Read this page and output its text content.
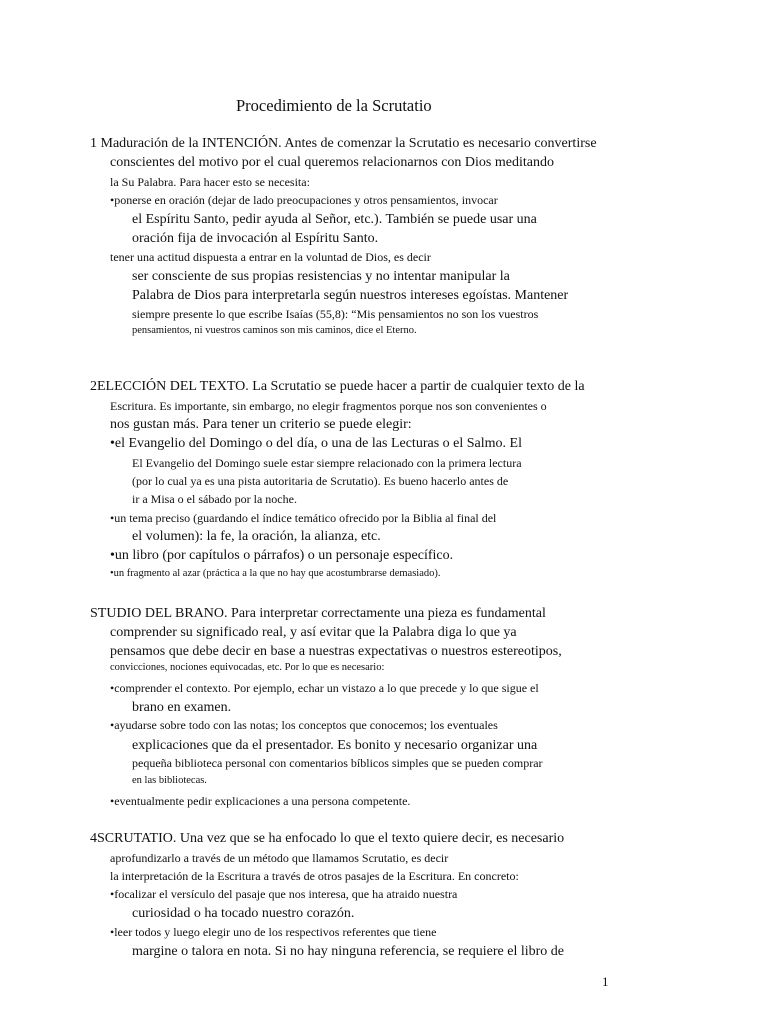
Procedimiento de la Scrutatio
1 Maduración de la INTENCIÓN. Antes de comenzar la Scrutatio es necesario convertirse
conscientes del motivo por el cual queremos relacionarnos con Dios meditando
la Su Palabra. Para hacer esto se necesita:
•ponerse en oración (dejar de lado preocupaciones y otros pensamientos, invocar
el Espíritu Santo, pedir ayuda al Señor, etc.). También se puede usar una
oración fija de invocación al Espíritu Santo.
tener una actitud dispuesta a entrar en la voluntad de Dios, es decir
ser consciente de sus propias resistencias y no intentar manipular la
Palabra de Dios para interpretarla según nuestros intereses egoístas. Mantener
siempre presente lo que escribe Isaías (55,8): “Mis pensamientos no son los vuestros
pensamientos, ni vuestros caminos son mis caminos, dice el Eterno.
2ELECCIÓN DEL TEXTO. La Scrutatio se puede hacer a partir de cualquier texto de la
Escritura. Es importante, sin embargo, no elegir fragmentos porque nos son convenientes o
nos gustan más. Para tener un criterio se puede elegir:
•el Evangelio del Domingo o del día, o una de las Lecturas o el Salmo. El
El Evangelio del Domingo suele estar siempre relacionado con la primera lectura
(por lo cual ya es una pista autoritaria de Scrutatio). Es bueno hacerlo antes de
ir a Misa o el sábado por la noche.
•un tema preciso (guardando el índice temático ofrecido por la Biblia al final del
el volumen): la fe, la oración, la alianza, etc.
•un libro (por capítulos o párrafos) o un personaje específico.
•un fragmento al azar (práctica a la que no hay que acostumbrarse demasiado).
STUDIO DEL BRANO. Para interpretar correctamente una pieza es fundamental
comprender su significado real, y así evitar que la Palabra diga lo que ya
pensamos que debe decir en base a nuestras expectativas o nuestros estereotipos,
convicciones, nociones equivocadas, etc. Por lo que es necesario:
•comprender el contexto. Por ejemplo, echar un vistazo a lo que precede y lo que sigue el
brano en examen.
•ayudarse sobre todo con las notas; los conceptos que conocemos; los eventuales
explicaciones que da el presentador. Es bonito y necesario organizar una
pequeña biblioteca personal con comentarios bíblicos simples que se pueden comprar
en las bibliotecas.
•eventualmente pedir explicaciones a una persona competente.
4SCRUTATIO. Una vez que se ha enfocado lo que el texto quiere decir, es necesario
aprofundizarlo a través de un método que llamamos Scrutatio, es decir
la interpretación de la Escritura a través de otros pasajes de la Escritura. En concreto:
•focalizar el versículo del pasaje que nos interesa, que ha atraido nuestra
curiosidad o ha tocado nuestro corazón.
•leer todos y luego elegir uno de los respectivos referentes que tiene
margine o talora en nota. Si no hay ninguna referencia, se requiere el libro de
1
